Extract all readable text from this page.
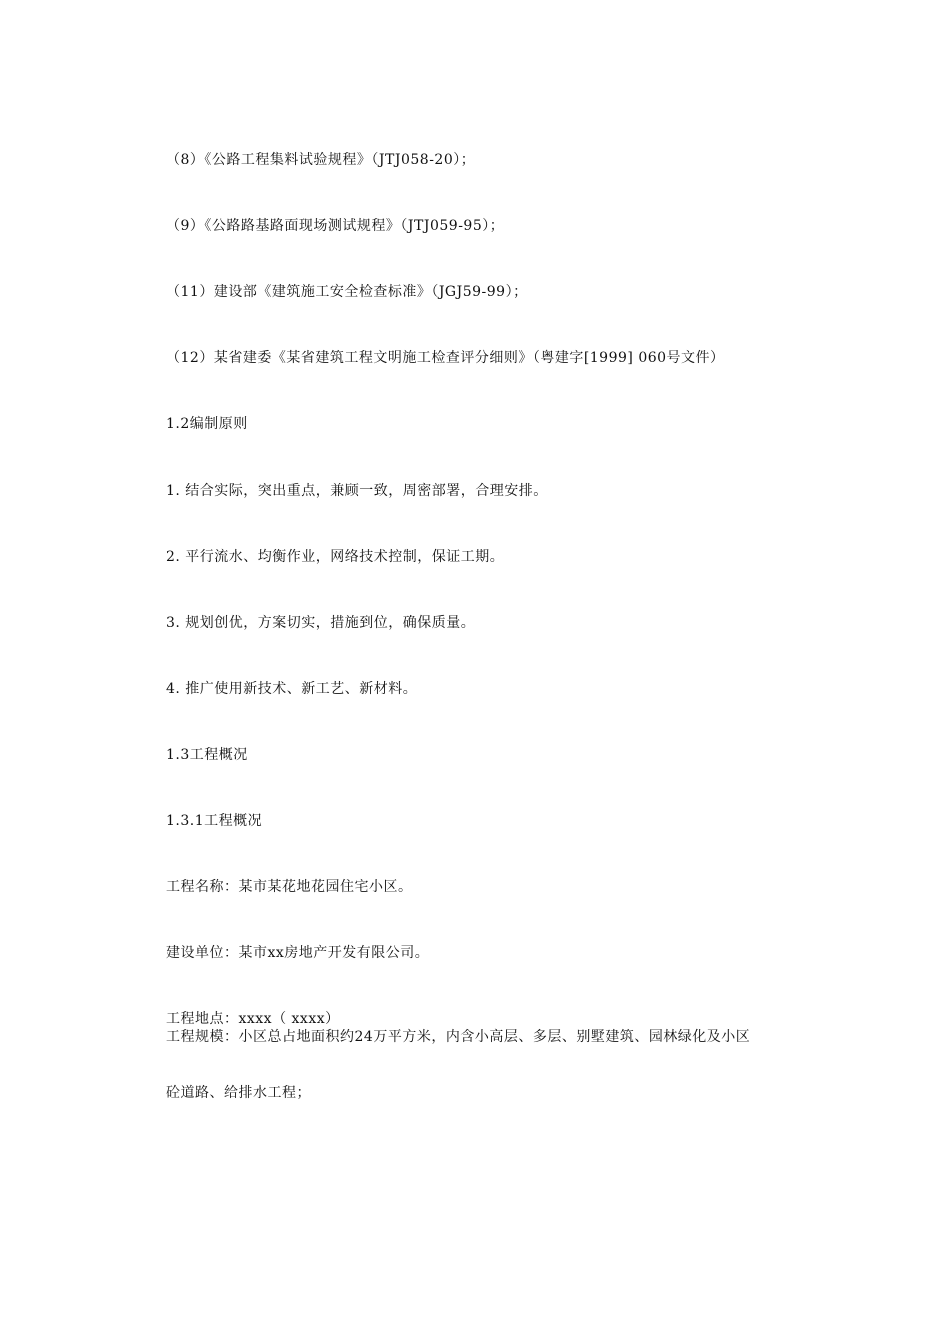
（8）《公路工程集料试验规程》（JTJ058-20）；
（9）《公路路基路面现场测试规程》（JTJ059-95）；
（11）建设部《建筑施工安全检查标准》（JGJ59-99）；
（12）某省建委《某省建筑工程文明施工检查评分细则》（粤建字[1999] 060号文件）
1.2编制原则
1. 结合实际，突出重点，兼顾一致，周密部署，合理安排。
2. 平行流水、均衡作业，网络技术控制，保证工期。
3. 规划创优，方案切实，措施到位，确保质量。
4. 推广使用新技术、新工艺、新材料。
1.3工程概况
1.3.1工程概况
工程名称：某市某花地花园住宅小区。
建设单位：某市xx房地产开发有限公司。
工程地点：xxxx（ xxxx）
工程规模：小区总占地面积约24万平方米，内含小高层、多层、别墅建筑、园林绿化及小区
砼道路、给排水工程；
